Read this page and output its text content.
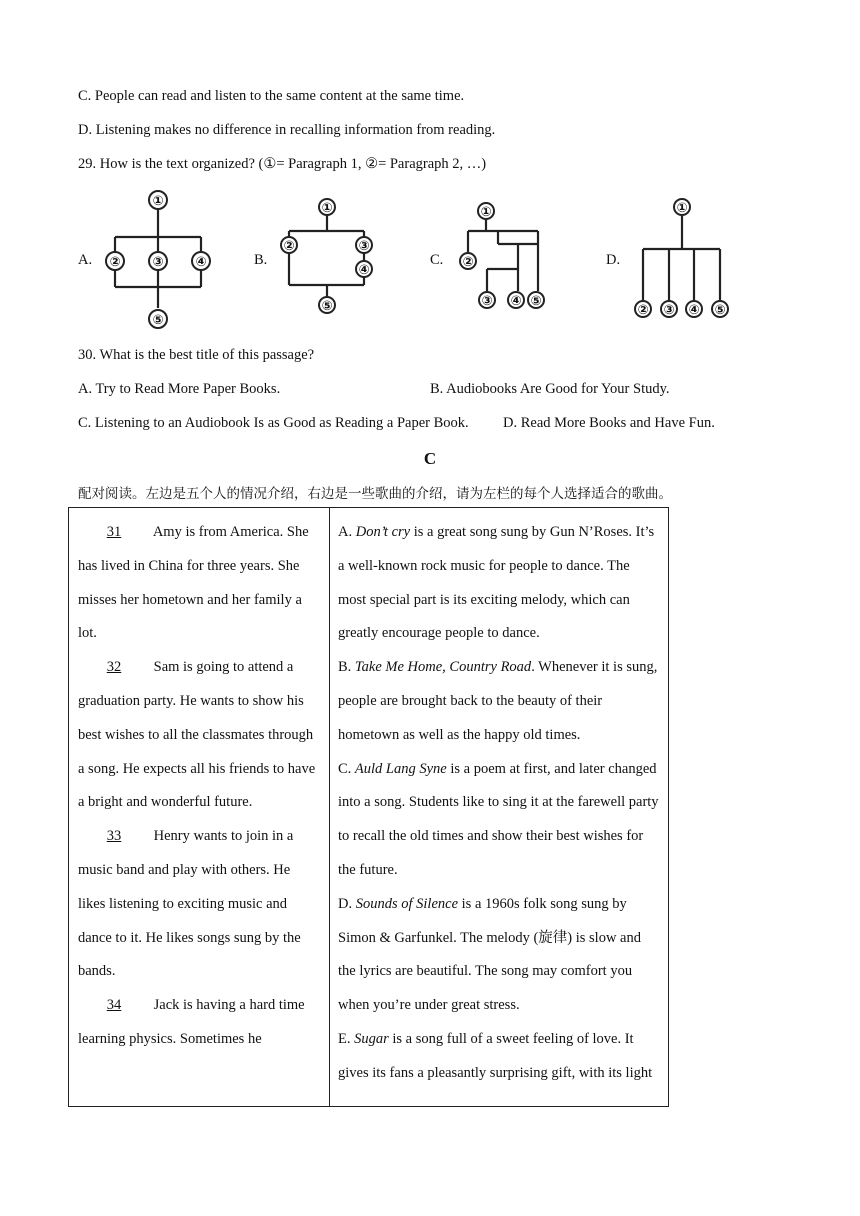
C. People can read and listen to the same content at the same time.
D. Listening makes no difference in recalling information from reading.
29. How is the text organized? (①= Paragraph 1, ②= Paragraph 2, …)
A.	B.	C.	D.
①
② ③ ④
⑤
①
②	③
④
⑤
①
②
③ ④ ⑤
①
② ③ ④ ⑤
30. What is the best title of this passage?
A. Try to Read More Paper Books.	B. Audiobooks Are Good for Your Study.
C. Listening to an Audiobook Is as Good as Reading a Paper Book. D. Read More Books and Have Fun.
C
配对阅读。左边是五个人的情况介绍，右边是一些歌曲的介绍，请为左栏的每个人选择适合的歌曲。

31 Amy is from America. She has lived in China for three years. She misses her hometown and her family a lot.

32 Sam is going to attend a graduation party. He wants to show his best wishes to all the classmates through a song. He expects all his friends to have a bright and wonderful future.

33 Henry wants to join in a music band and play with others. He likes listening to exciting music and dance to it. He likes songs sung by the bands.

34 Jack is having a hard time learning physics. Sometimes he

A. Don’t cry is a great song sung by Gun N’Roses. It’s a well-known rock music for people to dance. The most special part is its exciting melody, which can greatly encourage people to dance.

B. Take Me Home, Country Road. Whenever it is sung, people are brought back to the beauty of their hometown as well as the happy old times.

C. Auld Lang Syne is a poem at first, and later changed into a song. Students like to sing it at the farewell party to recall the old times and show their best wishes for the future.

D. Sounds of Silence is a 1960s folk song sung by Simon & Garfunkel. The melody (旋律) is slow and the lyrics are beautiful. The song may comfort you when you’re under great stress.

E. Sugar is a song full of a sweet feeling of love. It gives its fans a pleasantly surprising gift, with its light
